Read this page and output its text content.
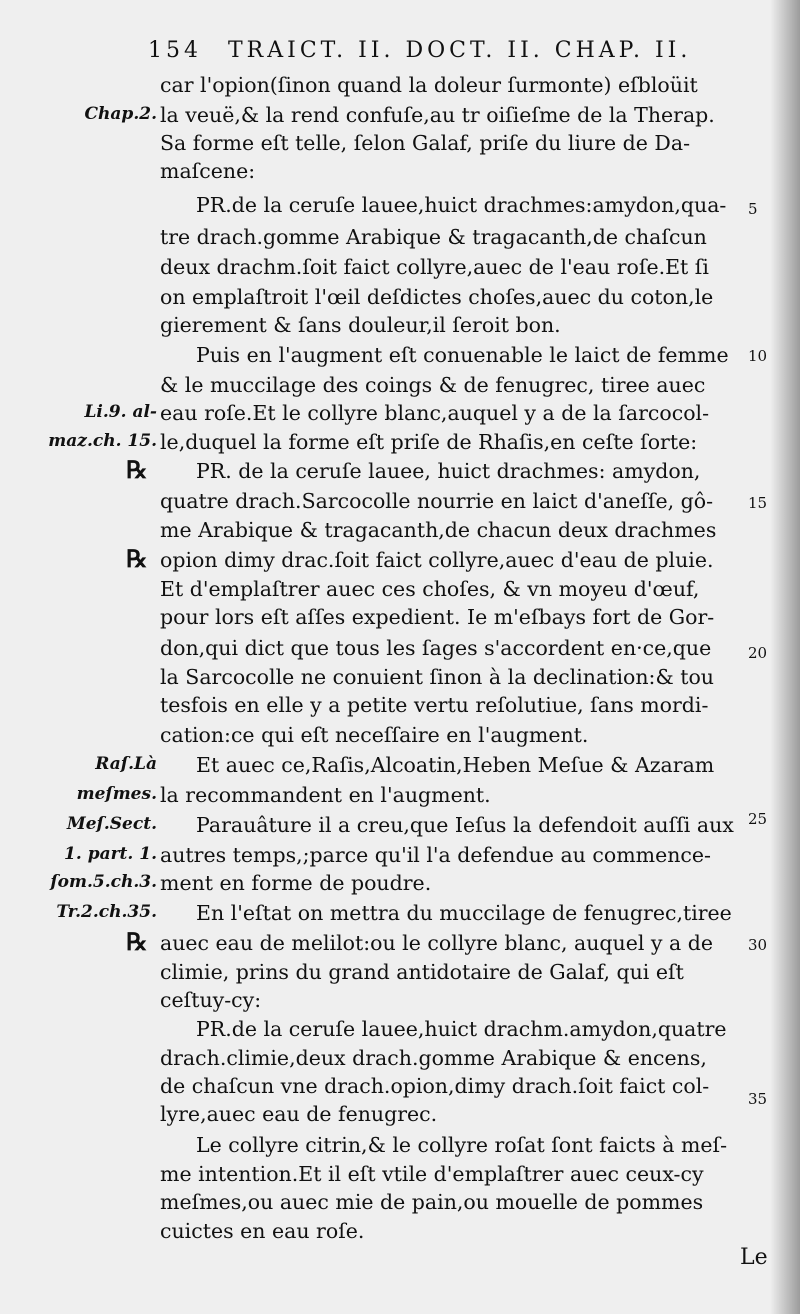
154 TRAICT. II. DOCT. II. CHAP. II.
car l'opion(ſinon quand la doleur ſurmonte) eſbloüit
la veuë,& la rend confuſe,au tr oiſieſme de la Therap.
Sa forme eſt telle, ſelon Galaf, priſe du liure de Da-
maſcene:
PR.de la ceruſe lauee,huict drachmes:amydon,qua-
tre drach.gomme Arabique & tragacanth,de chaſcun
deux drachm.ſoit faict collyre,auec de l'eau roſe.Et ſi
on emplaſtroit l'œil deſdictes choſes,auec du coton,le
gierement & ſans douleur,il ſeroit bon.
Puis en l'augment eſt conuenable le laict de femme
& le muccilage des coings & de fenugrec, tiree auec
eau roſe.Et le collyre blanc,auquel y a de la ſarcocol-
le,duquel la forme eſt priſe de Rhaſis,en ceſte ſorte:
PR. de la ceruſe lauee, huict drachmes: amydon,
quatre drach.Sarcocolle nourrie en laict d'aneſſe, gô-
me Arabique & tragacanth,de chacun deux drachmes
opion dimy drac.ſoit faict collyre,auec d'eau de pluie.
Et d'emplaſtrer auec ces choſes, & vn moyeu d'œuf,
pour lors eſt aſſes expedient. Ie m'eſbays fort de Gor-
don,qui dict que tous les ſages s'accordent en·ce,que
la Sarcocolle ne conuient ſinon à la declination:& tou
tesfois en elle y a petite vertu reſolutiue, ſans mordi-
cation:ce qui eſt neceſſaire en l'augment.
Et auec ce,Raſis,Alcoatin,Heben Meſue & Azaram
la recommandent en l'augment.
Parauâture il a creu,que Ieſus la defendoit auſſi aux
autres temps,;parce qu'il l'a defendue au commence-
ment en forme de poudre.
En l'eſtat on mettra du muccilage de fenugrec,tiree
auec eau de melilot:ou le collyre blanc, auquel y a de
climie, prins du grand antidotaire de Galaf, qui eſt
ceſtuy-cy:
PR.de la ceruſe lauee,huict drachm.amydon,quatre
drach.climie,deux drach.gomme Arabique & encens,
de chaſcun vne drach.opion,dimy drach.ſoit faict col-
lyre,auec eau de fenugrec.
Le collyre citrin,& le collyre roſat ſont faicts à meſ-
me intention.Et il eſt vtile d'emplaſtrer auec ceux-cy
meſmes,ou auec mie de pain,ou mouelle de pommes
cuictes en eau roſe.
Chap.2.
Li.9. al-
maz.ch. 15.
Raſ.Là
meſmes.
Meſ.Sect.
1. part. 1.
ſom.5.ch.3.
Tr.2.ch.35.
℞
℞
℞
5
10
15
20
25
30
35
Le
